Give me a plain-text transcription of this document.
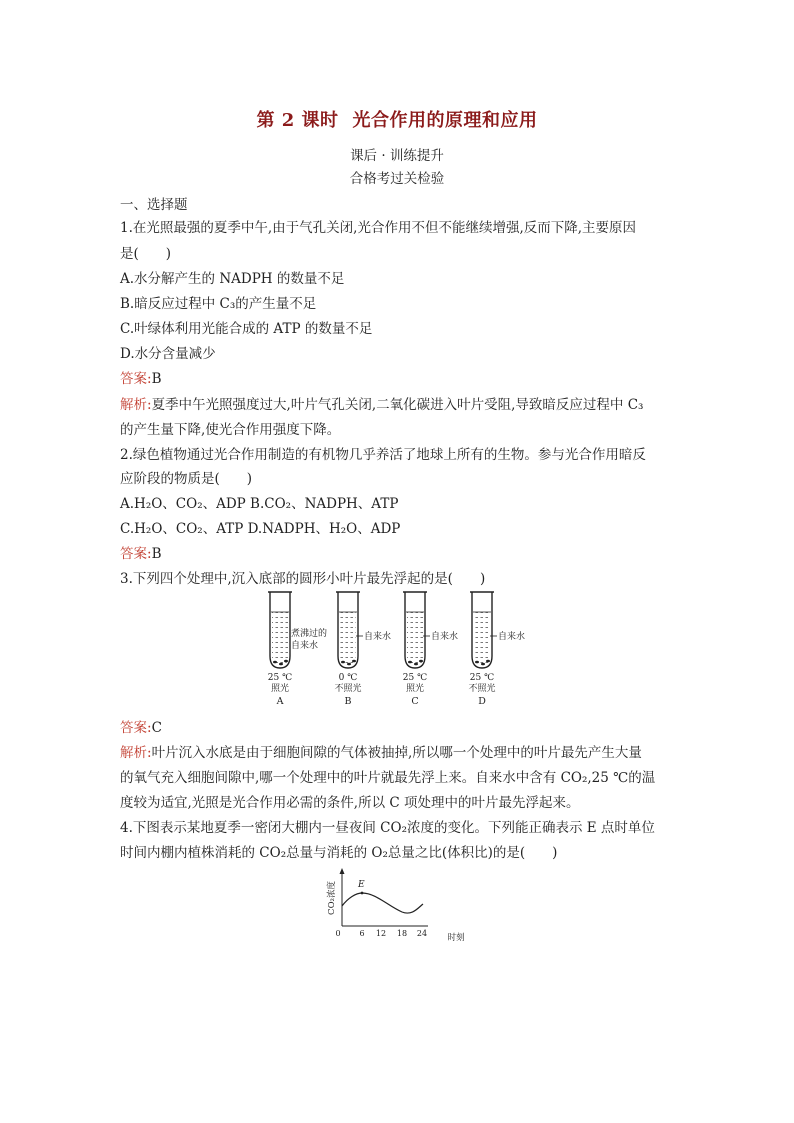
第 2 课时 光合作用的原理和应用
课后 · 训练提升
合格考过关检验
一、选择题
1.在光照最强的夏季中午,由于气孔关闭,光合作用不但不能继续增强,反而下降,主要原因
是(　　)
A.水分解产生的 NADPH 的数量不足
B.暗反应过程中 C₃的产生量不足
C.叶绿体利用光能合成的 ATP 的数量不足
D.水分含量减少
答案:B
解析:夏季中午光照强度过大,叶片气孔关闭,二氧化碳进入叶片受阻,导致暗反应过程中 C₃
的产生量下降,使光合作用强度下降。
2.绿色植物通过光合作用制造的有机物几乎养活了地球上所有的生物。参与光合作用暗反
应阶段的物质是(　　)
A.H₂O、CO₂、ADP B.CO₂、NADPH、ATP
C.H₂O、CO₂、ATP D.NADPH、H₂O、ADP
答案:B
3.下列四个处理中,沉入底部的圆形小叶片最先浮起的是(　　)
煮沸过的
自来水
25 ℃
照光
A
自来水
0 ℃
不照光
B
自来水
25 ℃
照光
C
自来水
25 ℃
不照光
D
答案:C
解析:叶片沉入水底是由于细胞间隙的气体被抽掉,所以哪一个处理中的叶片最先产生大量
的氧气充入细胞间隙中,哪一个处理中的叶片就最先浮上来。自来水中含有 CO₂,25 ℃的温
度较为适宜,光照是光合作用必需的条件,所以 C 项处理中的叶片最先浮起来。
4.下图表示某地夏季一密闭大棚内一昼夜间 CO₂浓度的变化。下列能正确表示 E 点时单位
时间内棚内植株消耗的 CO₂总量与消耗的 O₂总量之比(体积比)的是(　　)
CO₂浓度 E
0 6 12 18 24 时刻
